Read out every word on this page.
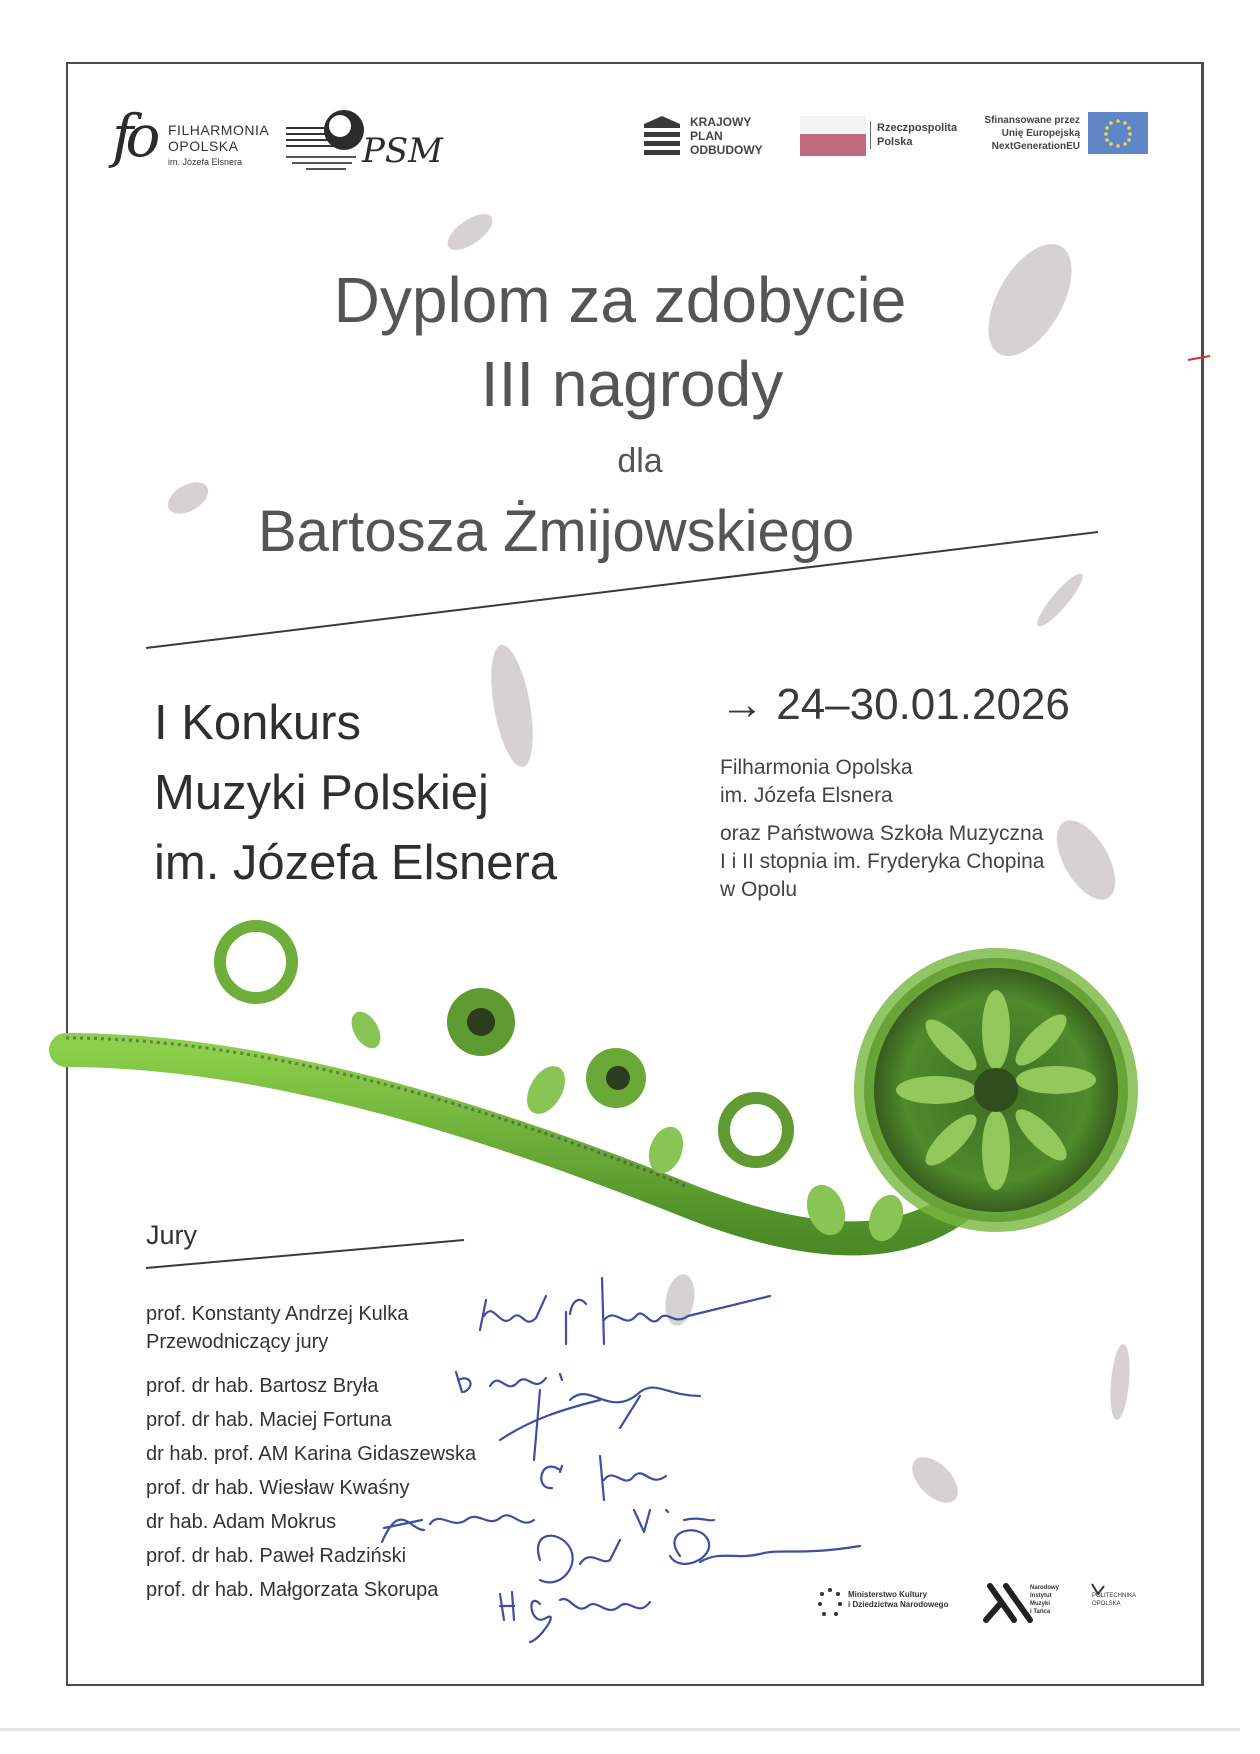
fo FILHARMONIA
OPOLSKA
im. Józefa Elsnera	PSM
KRAJOWY
PLAN
ODBUDOWY
Rzeczpospolita
Polska
Sfinansowane przez
Unię Europejską
NextGenerationEU
Dyplom za zdobycie
III nagrody
dla
Bartosza Żmijowskiego
I Konkurs
Muzyki Polskiej
im. Józefa Elsnera
→ 24–30.01.2026
Filharmonia Opolska
im. Józefa Elsnera
oraz Państwowa Szkoła Muzyczna
I i II stopnia im. Fryderyka Chopina
w Opolu
Jury
prof. Konstanty Andrzej Kulka
Przewodniczący jury
prof. dr hab. Bartosz Bryła
prof. dr hab. Maciej Fortuna
dr hab. prof. AM Karina Gidaszewska
prof. dr hab. Wiesław Kwaśny
dr hab. Adam Mokrus
prof. dr hab. Paweł Radziński
prof. dr hab. Małgorzata Skorupa	Ministerstwo Kultury
i Dziedzictwa Narodowego
Narodowy
Instytut
Muzyki
i Tańca
POLITECHNIKA
OPOLSKA
